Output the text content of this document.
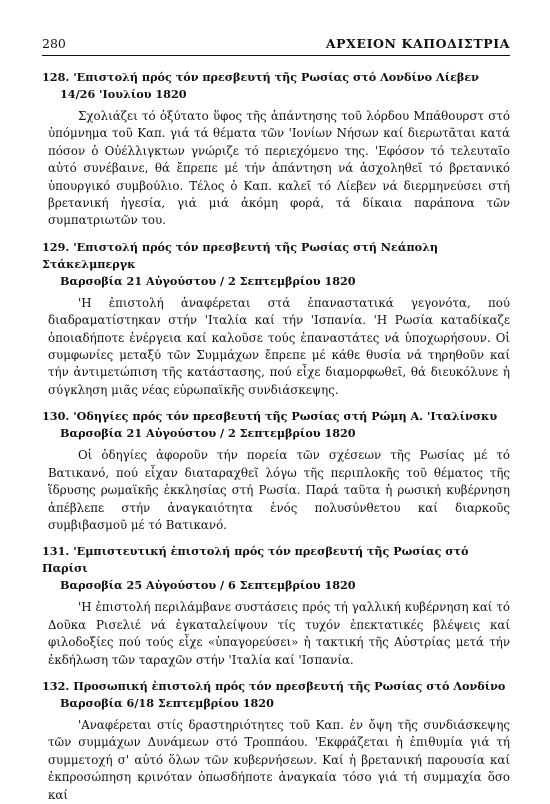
280	ΑΡΧΕΙΟΝ ΚΑΠΟΔΙΣΤΡΙΑ
128. 'Επιστολή πρός τόν πρεσβευτή τῆς Ρωσίας στό Λονδίνο Λίεβεν
14/26 'Ιουλίου 1820
Σχολιάζει τό ὀξύτατο ὕφος τῆς ἀπάντησης τοῦ λόρδου Μπάθουρστ στό ὑπόμνημα τοῦ Καπ. γιά τά θέματα τῶν 'Ιονίων Νήσων καί διερωτᾶται κατά πόσον ὁ Οὐέλλιγκτων γνώριζε τό περιεχόμενο της. 'Εφόσον τό τελευταῖο αὐτό συνέβαινε, θά ἔπρεπε μέ τήν ἀπάντηση νά ἀσχοληθεῖ τό βρετανικό ὑπουργικό συμβούλιο. Τέλος ὁ Καπ. καλεῖ τό Λίεβεν νά διερμηνεύσει στή βρετανική ἡγεσία, γιά μιά ἀκόμη φορά, τά δίκαια παράπονα τῶν συμπατριωτῶν του.
129. 'Επιστολή πρός τόν πρεσβευτή τῆς Ρωσίας στή Νεάπολη Στάκελμπεργκ
Βαρσοβία 21 Αὐγούστου / 2 Σεπτεμβρίου 1820
'Η ἐπιστολή ἀναφέρεται στά ἐπαναστατικά γεγονότα, πού διαδραματίστηκαν στήν 'Ιταλία καί τήν 'Ισπανία. 'Η Ρωσία καταδίκαζε ὁποιαδήποτε ἐνέργεια καί καλοῦσε τούς ἐπαναστάτες νά ὑποχωρήσουν. Οἱ συμφωνίες μεταξύ τῶν Συμμάχων ἔπρεπε μέ κάθε θυσία νά τηρηθοῦν καί τήν ἀντιμετώπιση τῆς κατάστασης, πού εἶχε διαμορφωθεῖ, θά διευκόλυνε ἡ σύγκληση μιᾶς νέας εὐρωπαϊκῆς συνδιάσκεψης.
130. 'Οδηγίες πρός τόν πρεσβευτή τῆς Ρωσίας στή Ρώμη Α. 'Ιταλίνσκυ
Βαρσοβία 21 Αὐγούστου / 2 Σεπτεμβρίου 1820
Οἱ ὁδηγίες ἀφοροῦν τήν πορεία τῶν σχέσεων τῆς Ρωσίας μέ τό Βατικανό, πού εἶχαν διαταραχθεῖ λόγω τῆς περιπλοκῆς τοῦ θέματος τῆς ἵδρυσης ρωμαϊκῆς ἐκκλησίας στή Ρωσία. Παρά ταῦτα ἡ ρωσική κυβέρνηση ἀπέβλεπε στήν ἀναγκαιότητα ἑνός πολυσύνθετου καί διαρκοῦς συμβιβασμοῦ μέ τό Βατικανό.
131. 'Εμπιστευτική ἐπιστολή πρός τόν πρεσβευτή τῆς Ρωσίας στό Παρίσι
Βαρσοβία 25 Αὐγούστου / 6 Σεπτεμβρίου 1820
'Η ἐπιστολή περιλάμβανε συστάσεις πρός τή γαλλική κυβέρνηση καί τό Δοῦκα Ρισελιέ νά ἐγκαταλείψουν τίς τυχόν ἐπεκτατικές βλέψεις καί φιλοδοξίες πού τούς εἶχε «ὑπαγορεύσει» ἡ τακτική τῆς Αὐστρίας μετά τήν ἐκδήλωση τῶν ταραχῶν στήν 'Ιταλία καί 'Ισπανία.
132. Προσωπική ἐπιστολή πρός τόν πρεσβευτή τῆς Ρωσίας στό Λονδίνο
Βαρσοβία 6/18 Σεπτεμβρίου 1820
'Αναφέρεται στίς δραστηριότητες τοῦ Καπ. ἐν ὄψη τῆς συνδιάσκεψης τῶν συμμάχων Δυνάμεων στό Τροππάου. 'Εκφράζεται ἡ ἐπιθυμία γιά τή συμμετοχή σ' αὐτό ὅλων τῶν κυβερνήσεων. Καί ἡ βρετανική παρουσία καί ἐκπροσώπηση κρινόταν ὁπωσδήποτε ἀναγκαία τόσο γιά τή συμμαχία ὅσο καί
